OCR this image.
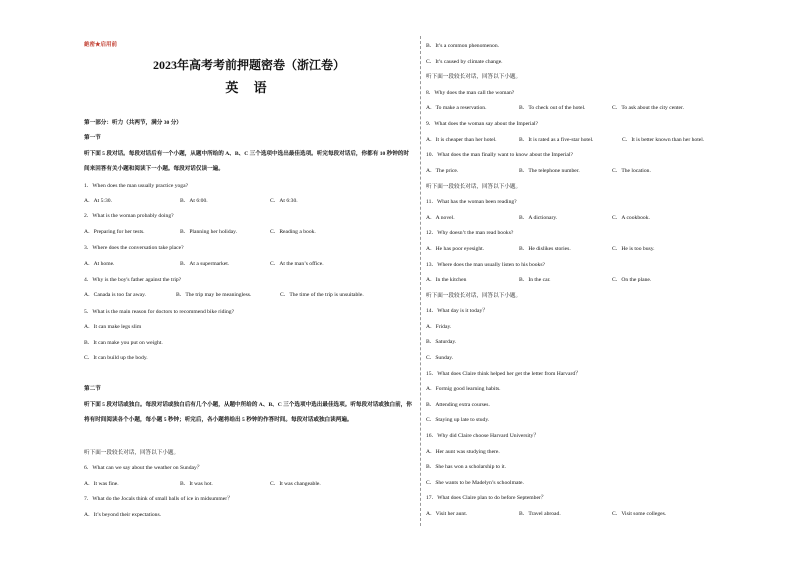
絶密★启用前
2023年高考考前押题密卷（浙江卷）
英 语
第一部分：听力（共两节，满分 30 分）
第一节
听下面 5 段对话。每段对话后有一个小题，从题中所给的 A、B、C 三个选项中选出最佳选项。听完每段对话后，你都有 10 秒钟的时间来回答有关小题和阅读下一小题。每段对话仅读一遍。
1．When does the man usually practice yoga?
A．At 5:30.	B．At 6:00.	C．At 6:30.
2．What is the woman probably doing?
A．Preparing for her tests.	B．Planning her holiday.	C．Reading a book.
3．Where does the conversation take place?
A．At home.	B．At a supermarket.	C．At the man’s office.
4．Why is the boy's father against the trip?
A．Canada is too far away.	B．The trip may be meaningless.	C．The time of the trip is unsuitable.
5．What is the main reason for doctors to recommend bike riding?
A．It can make legs slim
B．It can make you put on weight.
C．It can build up the body.
第二节
听下面 5 段对话或独白。每段对话或独白后有几个小题，从题中所给的 A、B、C 三个选项中选出最佳选项。听每段对话或独白前，你将有时间阅读各个小题，每小题 5 秒钟；听完后，各小题将给出 5 秒钟的作答时间。每段对话或独白读两遍。
听下面一段较长对话，回答以下小题。
6．What can we say about the weather on Sunday？
A．It was fine.	B．It was hot.	C．It was changeable.
7．What do the Jocals think of small balls of ice in midsummer？
A．It’s beyond their expectations.
B．It’s a common phenomenon.
C．It’s caused by climate change.
听下面一段较长对话，回答以下小题。
8．Why does the man call the woman?
A．To make a reservation.	B．To check out of the hotel.	C．To ask about the city center.
9．What does the woman say about the Imperial?
A．It is cheaper than her hotel.	B．It is rated as a five-star hotel.	C．It is better known than her hotel.
10．What does the man finally want to know about the Imperial?
A．The price.	B．The telephone number.	C．The location.
听下面一段较长对话，回答以下小题。
11．What has the woman been reading?
A．A novel.	B．A dictionary.	C．A cookbook.
12．Why doesn’t the man read books?
A．He has poor eyesight.	B．He dislikes stories.	C．He is too busy.
13．Where does the man usually listen to his books?
A．In the kitchen	B．In the car.	C．On the plane.
听下面一段较长对话，回答以下小题。
14．What day is it today？
A．Friday.
B．Saturday.
C．Sunday.
15．What does Claire think helped her get the letter from Harvard？
A．Formig good learning habits.
B．Attending extra courses.
C．Staying up late to study.
16．Why did Claire choose Harvard University？
A．Her aunt was studying there.
B．She has won a scholarship to it.
C．She wants to be Madelyn’s schoolmate.
17．What does Claire plan to do before September？
A．Visit her aunt.	B．Travel abroad.	C．Visit some colleges.
